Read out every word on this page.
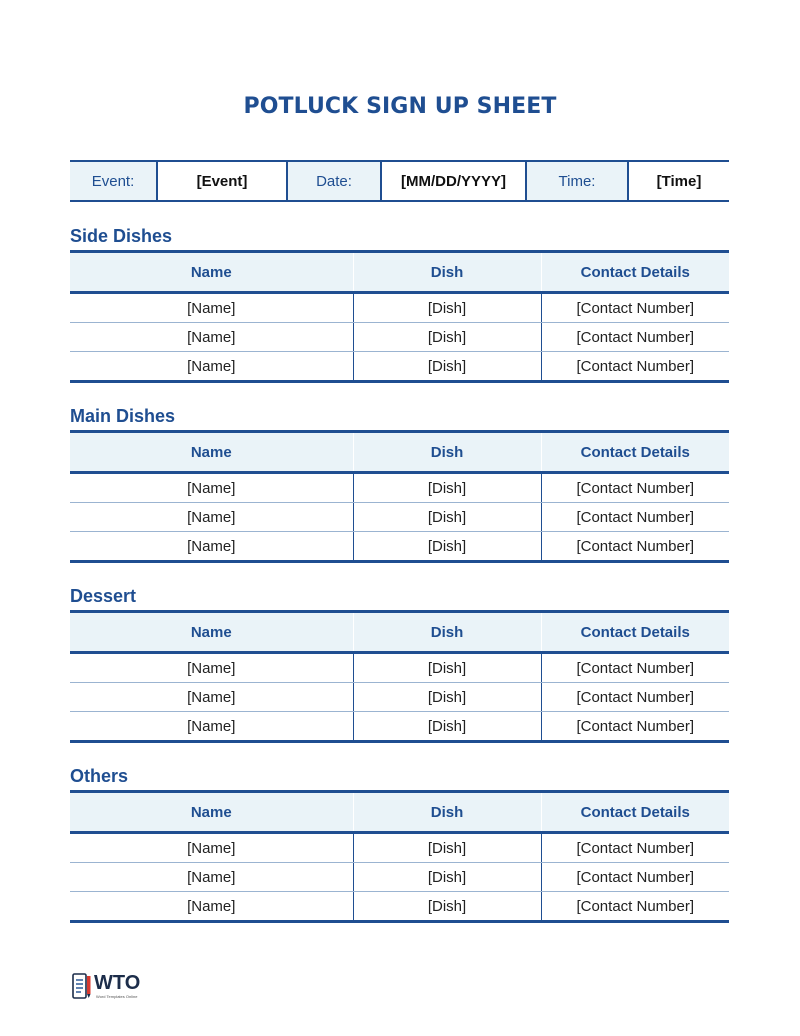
POTLUCK SIGN UP SHEET
Event:	[Event]	Date:	[MM/DD/YYYY]	Time:	[Time]
Side Dishes
Name	Dish	Contact Details
[Name]	[Dish]	[Contact Number]
[Name]	[Dish]	[Contact Number]
[Name]	[Dish]	[Contact Number]
Main Dishes
Name	Dish	Contact Details
[Name]	[Dish]	[Contact Number]
[Name]	[Dish]	[Contact Number]
[Name]	[Dish]	[Contact Number]
Dessert
Name	Dish	Contact Details
[Name]	[Dish]	[Contact Number]
[Name]	[Dish]	[Contact Number]
[Name]	[Dish]	[Contact Number]
Others
Name	Dish	Contact Details
[Name]	[Dish]	[Contact Number]
[Name]	[Dish]	[Contact Number]
[Name]	[Dish]	[Contact Number]
WTO
Word Templates Online
